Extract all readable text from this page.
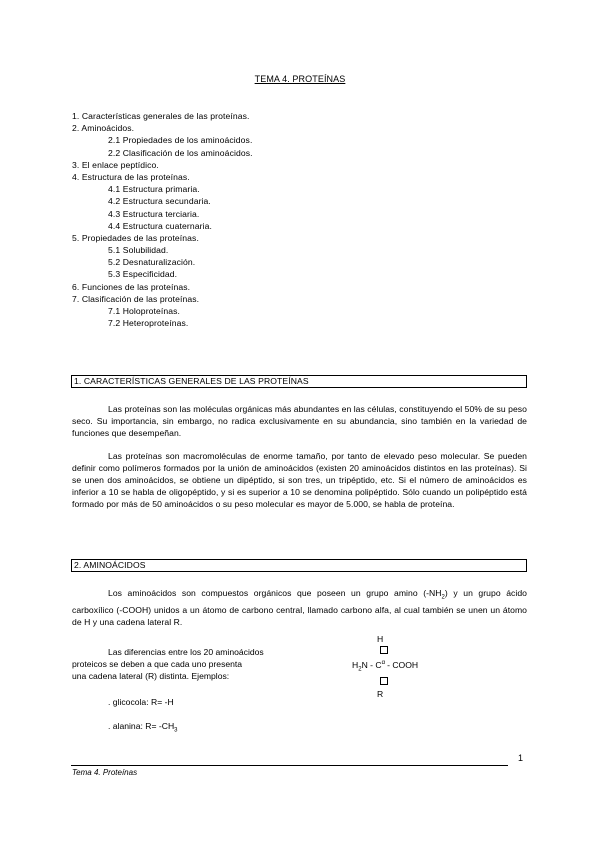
TEMA 4. PROTEÍNAS
1. Características generales de las proteínas.
2. Aminoácidos.
2.1 Propiedades de los aminoácidos.
2.2 Clasificación de los aminoácidos.
3. El enlace peptídico.
4. Estructura de las proteínas.
4.1 Estructura primaria.
4.2 Estructura secundaria.
4.3 Estructura terciaria.
4.4 Estructura cuaternaria.
5. Propiedades de las proteínas.
5.1 Solubilidad.
5.2 Desnaturalización.
5.3 Especificidad.
6. Funciones de las proteínas.
7. Clasificación de las proteínas.
7.1 Holoproteínas.
7.2 Heteroproteínas.
1. CARACTERÍSTICAS GENERALES DE LAS PROTEÍNAS

Las proteínas son las moléculas orgánicas más abundantes en las células, constituyendo el 50% de su peso seco. Su importancia, sin embargo, no radica exclusivamente en su abundancia, sino también en la variedad de funciones que desempeñan.

Las proteínas son macromoléculas de enorme tamaño, por tanto de elevado peso molecular. Se pueden definir como polímeros formados por la unión de aminoácidos (existen 20 aminoácidos distintos en las proteínas). Si se unen dos aminoácidos, se obtiene un dipéptido, si son tres, un tripéptido, etc. Si el número de aminoácidos es inferior a 10 se habla de oligopéptido, y si es superior a 10 se denomina polipéptido. Sólo cuando un polipéptido está formado por más de 50 aminoácidos o su peso molecular es mayor de 5.000, se habla de proteína.

2. AMINOÁCIDOS

Los aminoácidos son compuestos orgánicos que poseen un grupo amino $(-NH_2)$ y un grupo ácido carboxílico (-COOH) unidos a un átomo de carbono central, llamado carbono alfa, al cual también se unen un átomo de H y una cadena lateral R.

Las diferencias entre los 20 aminoácidos
proteicos se deben a que cada uno presenta
una cadena lateral (R) distinta. Ejemplos:
H
$H_2N - C^\alpha$ - COOH
R
. glicocola: R= -H
. alanina: $R= -CH_3$
1
Tema 4. Proteínas
